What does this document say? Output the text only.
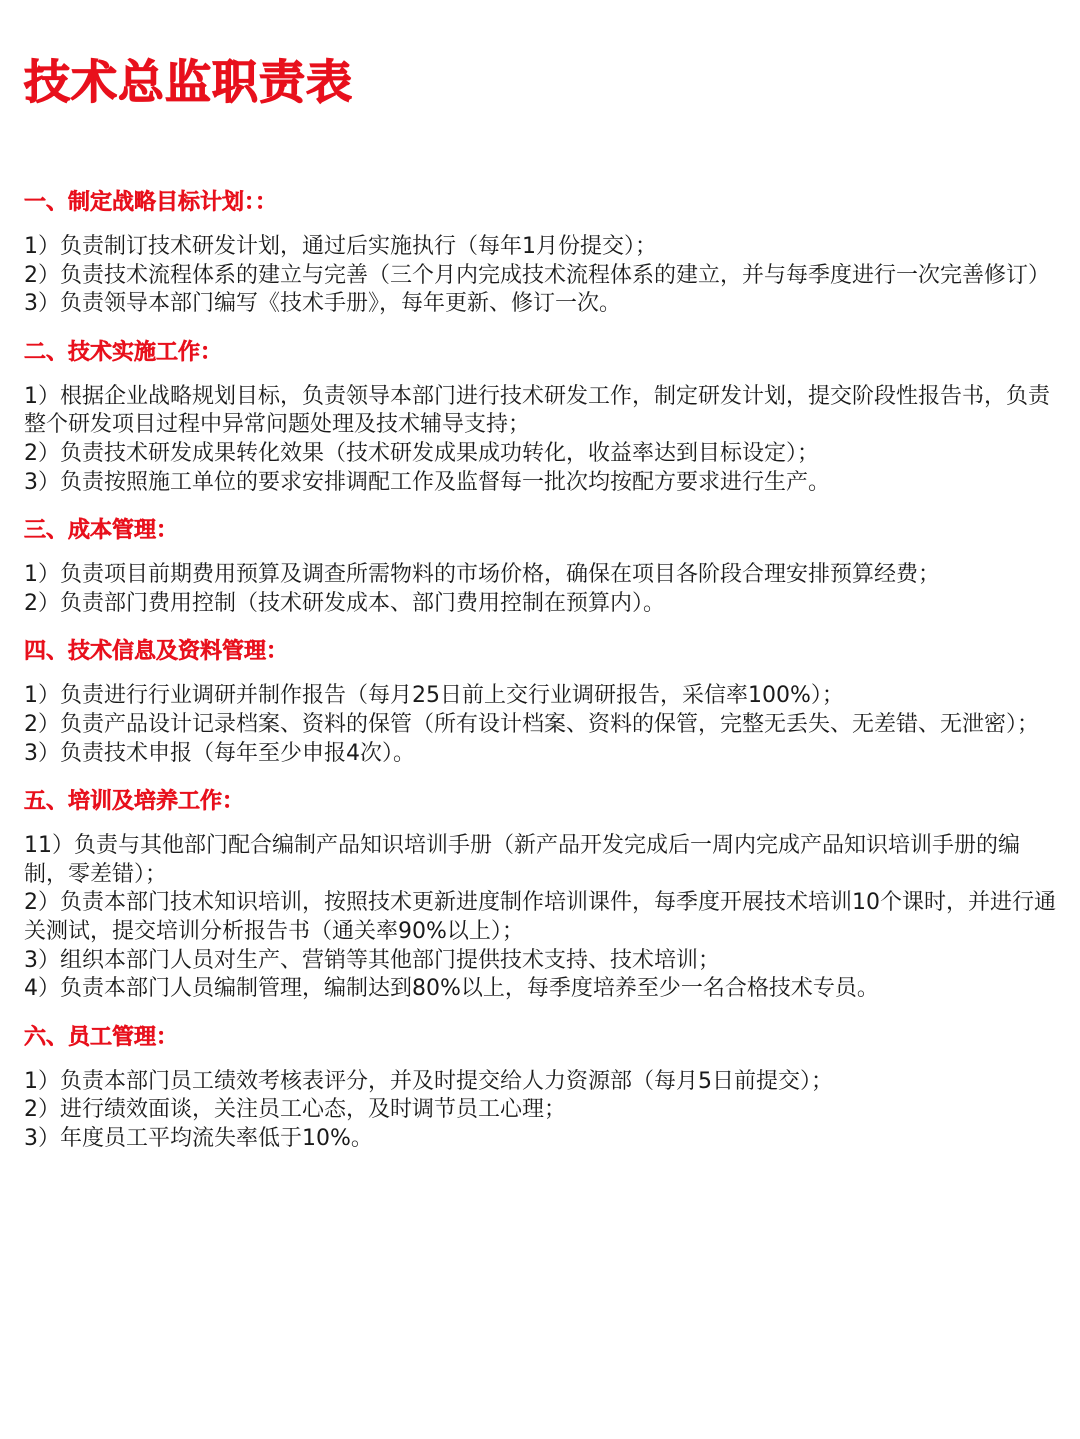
技术总监职责表
一、制定战略目标计划：：

1）负责制订技术研发计划，通过后实施执行（每年1月份提交）；

2）负责技术流程体系的建立与完善（三个月内完成技术流程体系的建立，并与每季度进行一次完善修订）

3）负责领导本部门编写《技术手册》，每年更新、修订一次。

二、技术实施工作：

1）根据企业战略规划目标，负责领导本部门进行技术研发工作，制定研发计划，提交阶段性报告书，负责整个研发项目过程中异常问题处理及技术辅导支持；

2）负责技术研发成果转化效果（技术研发成果成功转化，收益率达到目标设定）；

3）负责按照施工单位的要求安排调配工作及监督每一批次均按配方要求进行生产。

三、成本管理：

1）负责项目前期费用预算及调查所需物料的市场价格，确保在项目各阶段合理安排预算经费；

2）负责部门费用控制（技术研发成本、部门费用控制在预算内）。

四、技术信息及资料管理：

1）负责进行行业调研并制作报告（每月25日前上交行业调研报告，采信率100%）；

2）负责产品设计记录档案、资料的保管（所有设计档案、资料的保管，完整无丢失、无差错、无泄密）；

3）负责技术申报（每年至少申报4次）。

五、培训及培养工作：

11）负责与其他部门配合编制产品知识培训手册（新产品开发完成后一周内完成产品知识培训手册的编制，零差错）；

2）负责本部门技术知识培训，按照技术更新进度制作培训课件，每季度开展技术培训10个课时，并进行通关测试，提交培训分析报告书（通关率90%以上）；

3）组织本部门人员对生产、营销等其他部门提供技术支持、技术培训；

4）负责本部门人员编制管理，编制达到80%以上，每季度培养至少一名合格技术专员。

六、员工管理：

1）负责本部门员工绩效考核表评分，并及时提交给人力资源部（每月5日前提交）；

2）进行绩效面谈，关注员工心态，及时调节员工心理；

3）年度员工平均流失率低于10%。
